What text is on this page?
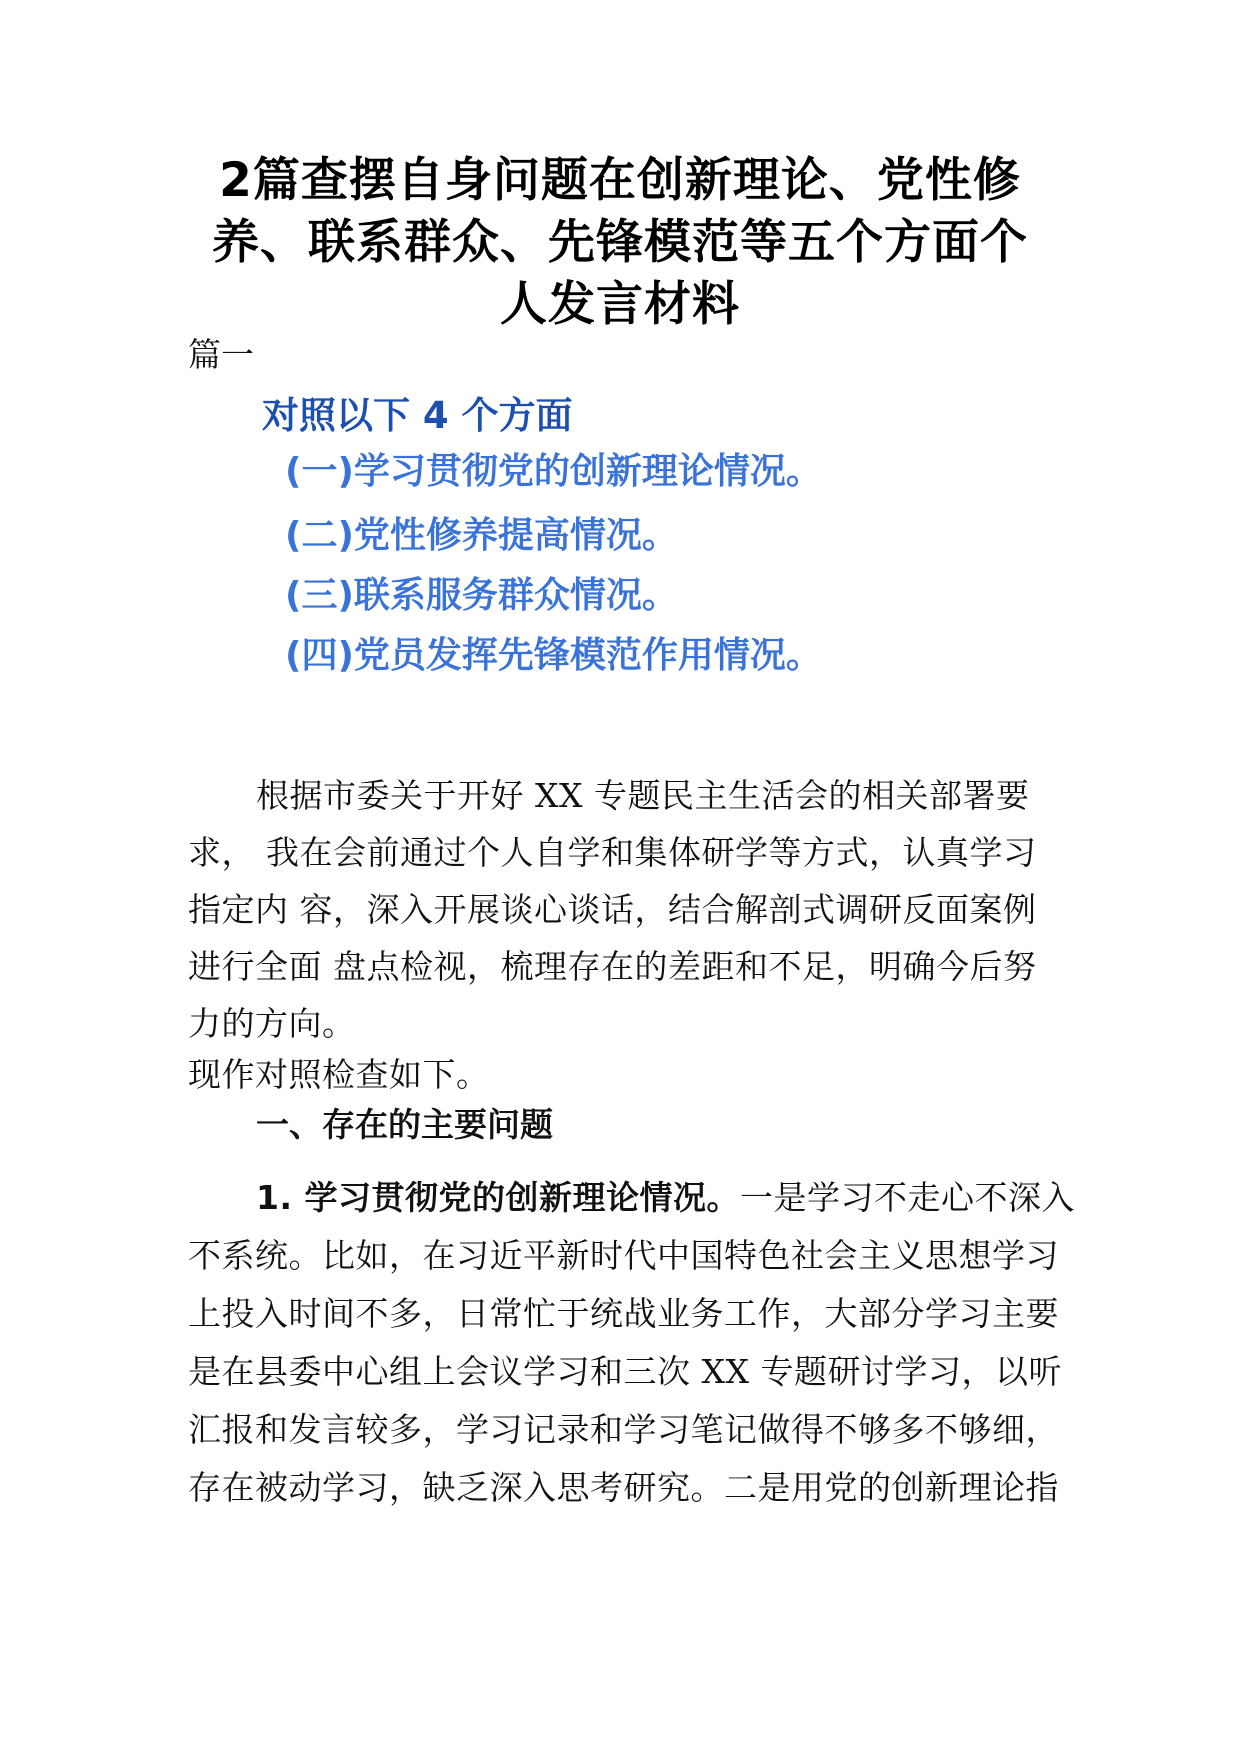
2篇查摆自身问题在创新理论、党性修
养、联系群众、先锋模范等五个方面个
人发言材料
篇一
对照以下 4 个方面
(一)学习贯彻党的创新理论情况。
(二)党性修养提高情况。
(三)联系服务群众情况。
(四)党员发挥先锋模范作用情况。
根据市委关于开好 XX 专题民主生活会的相关部署要
求， 我在会前通过个人自学和集体研学等方式，认真学习
指定内 容，深入开展谈心谈话，结合解剖式调研反面案例
进行全面 盘点检视，梳理存在的差距和不足，明确今后努
力的方向。
现作对照检查如下。
一、存在的主要问题
1. 学习贯彻党的创新理论情况。一是学习不走心不深入
不系统。比如，在习近平新时代中国特色社会主义思想学习
上投入时间不多，日常忙于统战业务工作，大部分学习主要
是在县委中心组上会议学习和三次 XX 专题研讨学习，以听
汇报和发言较多，学习记录和学习笔记做得不够多不够细，
存在被动学习，缺乏深入思考研究。二是用党的创新理论指
